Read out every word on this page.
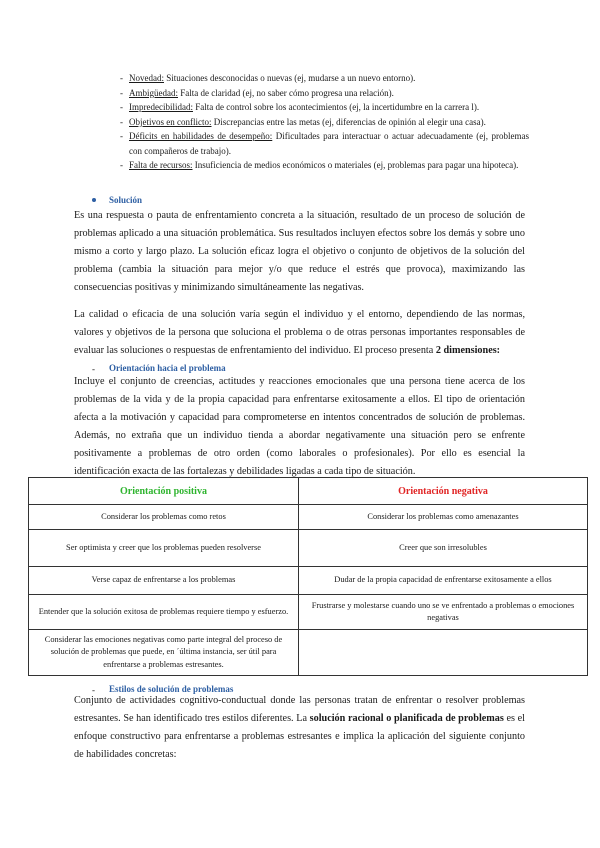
- Novedad: Situaciones desconocidas o nuevas (ej, mudarse a un nuevo entorno).
- Ambigüedad: Falta de claridad (ej, no saber cómo progresa una relación).
- Impredecibilidad: Falta de control sobre los acontecimientos (ej, la incertidumbre en la carrera l).
- Objetivos en conflicto: Discrepancias entre las metas (ej, diferencias de opinión al elegir una casa).
- Déficits en habilidades de desempeño: Dificultades para interactuar o actuar adecuadamente (ej, problemas con compañeros de trabajo).
- Falta de recursos: Insuficiencia de medios económicos o materiales (ej, problemas para pagar una hipoteca).
Solución

Es una respuesta o pauta de enfrentamiento concreta a la situación, resultado de un proceso de solución de problemas aplicado a una situación problemática. Sus resultados incluyen efectos sobre los demás y sobre uno mismo a corto y largo plazo. La solución eficaz logra el objetivo o conjunto de objetivos de la solución del problema (cambia la situación para mejor y/o que reduce el estrés que provoca), maximizando las consecuencias positivas y minimizando simultáneamente las negativas.

La calidad o eficacia de una solución varía según el individuo y el entorno, dependiendo de las normas, valores y objetivos de la persona que soluciona el problema o de otras personas importantes responsables de evaluar las soluciones o respuestas de enfrentamiento del individuo. El proceso presenta 2 dimensiones:

- Orientación hacia el problema

Incluye el conjunto de creencias, actitudes y reacciones emocionales que una persona tiene acerca de los problemas de la vida y de la propia capacidad para enfrentarse exitosamente a ellos. El tipo de orientación afecta a la motivación y capacidad para comprometerse en intentos concentrados de solución de problemas. Además, no extraña que un individuo tienda a abordar negativamente una situación pero se enfrente positivamente a problemas de otro orden (como laborales o profesionales). Por ello es esencial la identificación exacta de las fortalezas y debilidades ligadas a cada tipo de situación.

Orientación positiva	Orientación negativa
Considerar los problemas como retos	Considerar los problemas como amenazantes
Ser optimista y creer que los problemas pueden resolverse	Creer que son irresolubles
Verse capaz de enfrentarse a los problemas	Dudar de la propia capacidad de enfrentarse exitosamente a ellos
Entender que la solución exitosa de problemas requiere tiempo y esfuerzo.	Frustrarse y molestarse cuando uno se ve enfrentado a problemas o emociones negativas
Considerar las emociones negativas como parte integral del proceso de solución de problemas que puede, en ´última instancia, ser útil para enfrentarse a problemas estresantes.	
- Estilos de solución de problemas

Conjunto de actividades cognitivo-conductual donde las personas tratan de enfrentar o resolver problemas estresantes. Se han identificado tres estilos diferentes. La solución racional o planificada de problemas es el enfoque constructivo para enfrentarse a problemas estresantes e implica la aplicación del siguiente conjunto de habilidades concretas:
